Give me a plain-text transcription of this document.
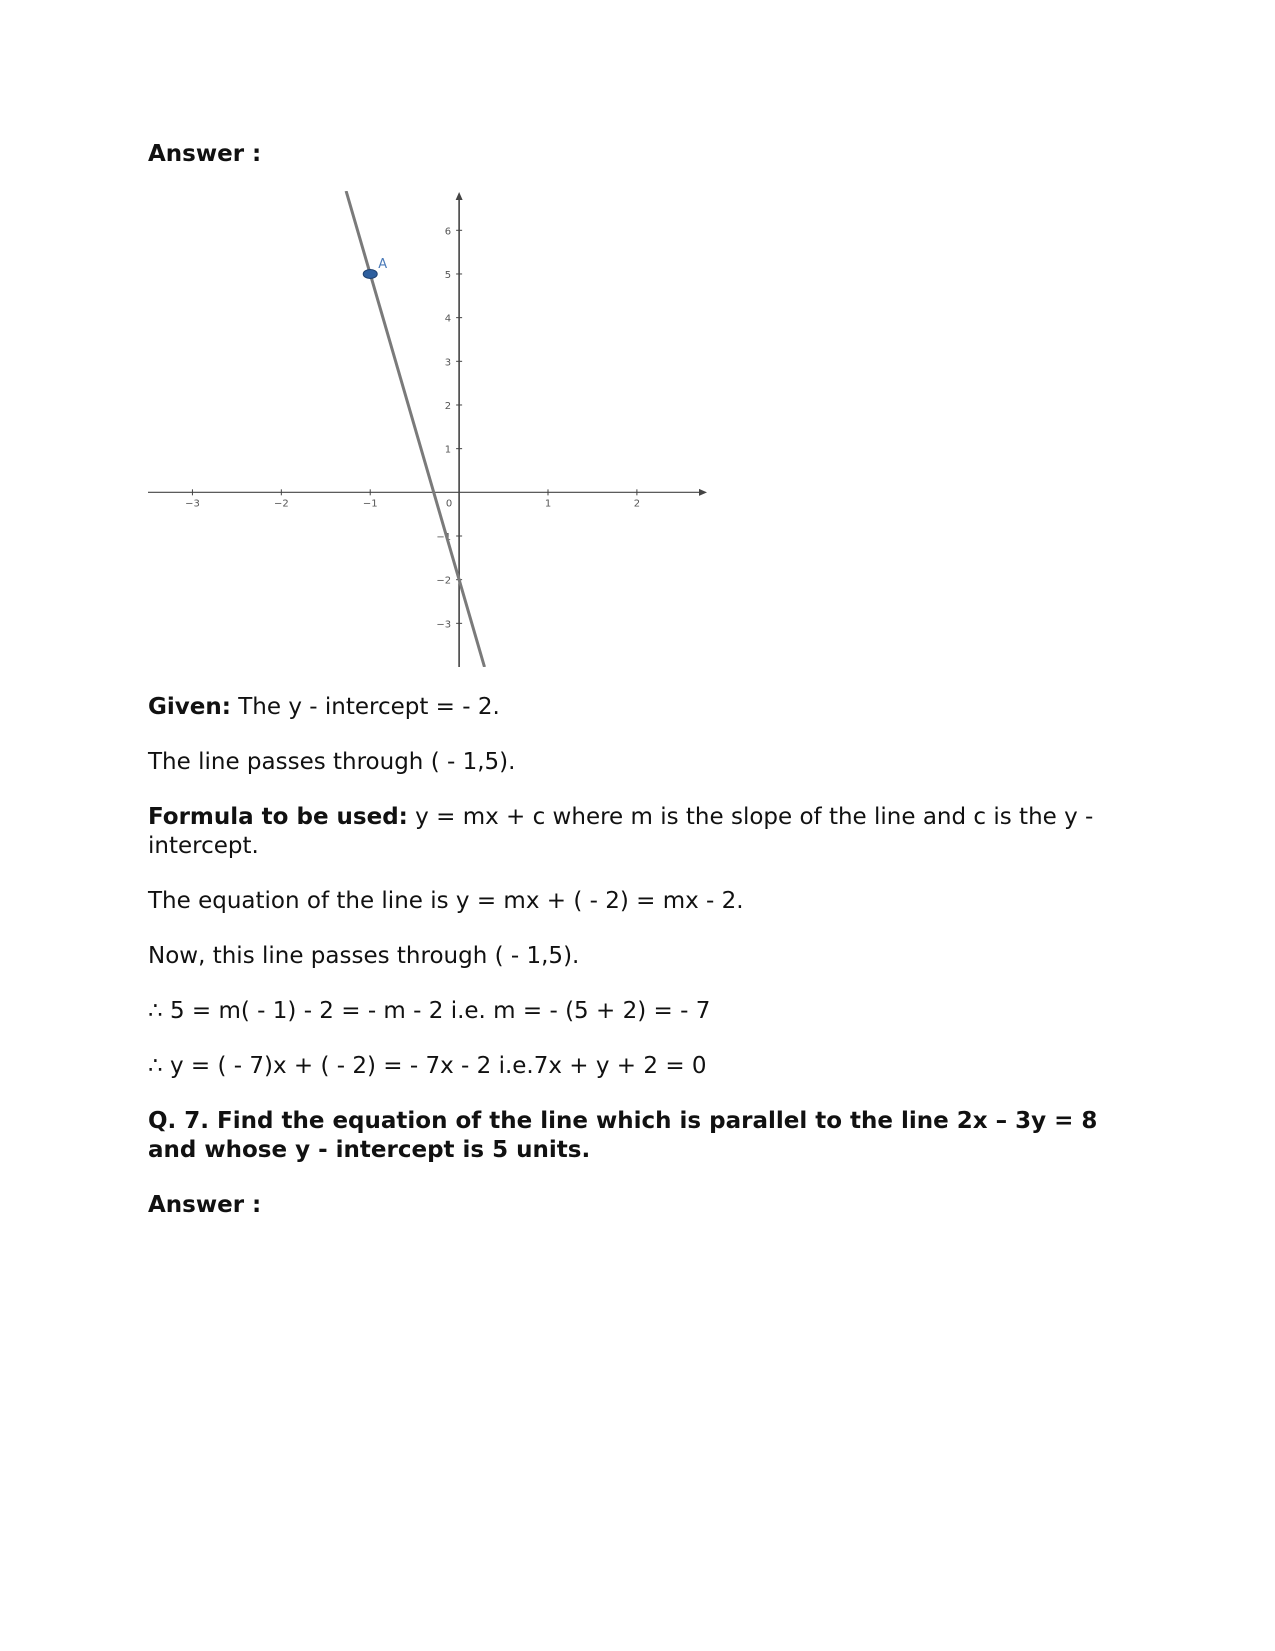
Answer :

−3	−2	−1	0	1	2
−3
−2
−1
1
2
3
4
5
6
A

Given: The y - intercept = - 2.

The line passes through ( - 1,5).

Formula to be used: y = mx + c where m is the slope of the line and c is the y - intercept.

The equation of the line is y = mx + ( - 2) = mx - 2.

Now, this line passes through ( - 1,5).

∴ 5 = m( - 1) - 2 = - m - 2 i.e. m = - (5 + 2) = - 7

∴ y = ( - 7)x + ( - 2) = - 7x - 2 i.e.7x + y + 2 = 0

Q. 7. Find the equation of the line which is parallel to the line 2x – 3y = 8 and whose y - intercept is 5 units.

Answer :
